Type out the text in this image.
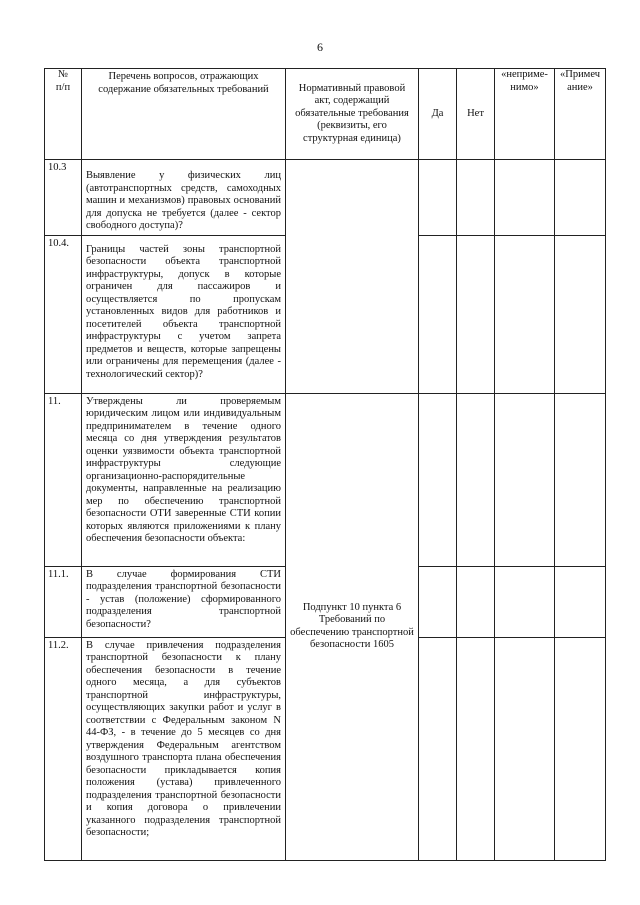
6
№
п/п	Перечень вопросов, отражающих содержание обязательных требований	Нормативный правовой акт, содержащий обязательные требования (реквизиты, его структурная единица)	Да	Нет	«неприме-нимо»	«Примеч ание»
10.3	Выявление у физических лиц (автотранспортных средств, самоходных машин и механизмов) правовых оснований для допуска не требуется (далее - сектор свободного доступа)?					
10.4.	Границы частей зоны транспортной безопасности объекта транспортной инфраструктуры, допуск в которые ограничен для пассажиров и осуществляется по пропускам установленных видов для работников и посетителей объекта транспортной инфраструктуры с учетом запрета предметов и веществ, которые запрещены или ограничены для перемещения (далее - технологический сектор)?					
11.	Утверждены ли проверяемым юридическим лицом или индивидуальным предпринимателем в течение одного месяца со дня утверждения результатов оценки уязвимости объекта транспортной инфраструктуры следующие организационно-распорядительные документы, направленные на реализацию мер по обеспечению транспортной безопасности ОТИ заверенные СТИ копии которых являются приложениями к плану обеспечения безопасности объекта:	Подпункт 10 пункта 6 Требований по обеспечению транспортной безопасности 1605				
11.1.	В случае формирования СТИ подразделения транспортной безопасности - устав (положение) сформированного подразделения транспортной безопасности?					
11.2.	В случае привлечения подразделения транспортной безопасности к плану обеспечения безопасности в течение одного месяца, а для субъектов транспортной инфраструктуры, осуществляющих закупки работ и услуг в соответствии с Федеральным законом N 44-ФЗ, - в течение до 5 месяцев со дня утверждения Федеральным агентством воздушного транспорта плана обеспечения безопасности прикладывается копия положения (устава) привлеченного подразделения транспортной безопасности и копия договора о привлечении указанного подразделения транспортной безопасности;					
